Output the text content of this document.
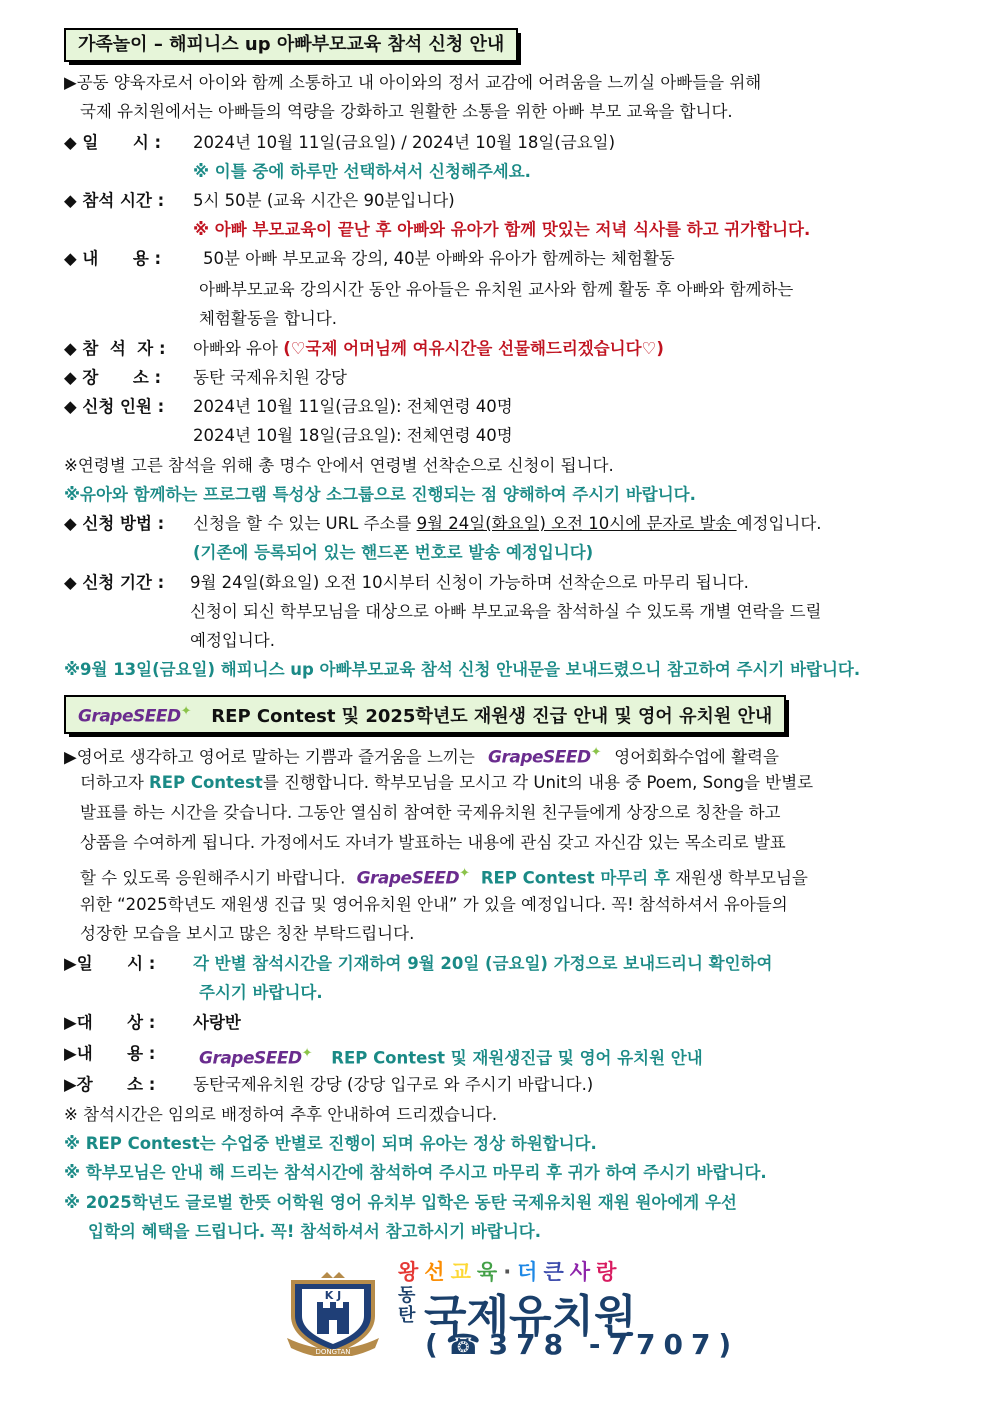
가족놀이 – 해피니스 up 아빠부모교육 참석 신청 안내
▶공동 양육자로서 아이와 함께 소통하고 내 아이와의 정서 교감에 어려움을 느끼실 아빠들을 위해
국제 유치원에서는 아빠들의 역량을 강화하고 원활한 소통을 위한 아빠 부모 교육을 합니다.
◆ 일      시 : 2024년 10월 11일(금요일) / 2024년 10월 18일(금요일)
※ 이틀 중에 하루만 선택하셔서 신청해주세요.
◆ 참석 시간 : 5시 50분 (교육 시간은 90분입니다)
※ 아빠 부모교육이 끝난 후 아빠와 유아가 함께 맛있는 저녁 식사를 하고 귀가합니다.
◆ 내      용 :	50분 아빠 부모교육 강의, 40분 아빠와 유아가 함께하는 체험활동
아빠부모교육 강의시간 동안 유아들은 유치원 교사와 함께 활동 후 아빠와 함께하는
체험활동을 합니다.
◆ 참  석  자 : 아빠와 유아 (♡국제 어머님께 여유시간을 선물해드리겠습니다♡)
◆ 장      소 : 동탄 국제유치원 강당
◆ 신청 인원 : 2024년 10월 11일(금요일): 전체연령 40명
2024년 10월 18일(금요일): 전체연령 40명
※연령별 고른 참석을 위해 총 명수 안에서 연령별 선착순으로 신청이 됩니다.
※유아와 함께하는 프로그램 특성상 소그룹으로 진행되는 점 양해하여 주시기 바랍니다.
◆ 신청 방법 : 신청을 할 수 있는 URL 주소를 9월 24일(화요일) 오전 10시에 문자로 발송 예정입니다.
(기존에 등록되어 있는 핸드폰 번호로 발송 예정입니다)
◆ 신청 기간 : 9월 24일(화요일) 오전 10시부터 신청이 가능하며 선착순으로 마무리 됩니다.
신청이 되신 학부모님을 대상으로 아빠 부모교육을 참석하실 수 있도록 개별 연락을 드릴
예정입니다.
※9월 13일(금요일) 해피니스 up 아빠부모교육 참석 신청 안내문을 보내드렸으니 참고하여 주시기 바랍니다.
GrapeSEED✦ REP Contest 및 2025학년도 재원생 진급 안내 및 영어 유치원 안내
▶영어로 생각하고 영어로 말하는 기쁨과 즐거움을 느끼는 GrapeSEED✦ 영어회화수업에 활력을
더하고자 REP Contest를 진행합니다. 학부모님을 모시고 각 Unit의 내용 중 Poem, Song을 반별로
발표를 하는 시간을 갖습니다. 그동안 열심히 참여한 국제유치원 친구들에게 상장으로 칭찬을 하고
상품을 수여하게 됩니다. 가정에서도 자녀가 발표하는 내용에 관심 갖고 자신감 있는 목소리로 발표
할 수 있도록 응원해주시기 바랍니다. GrapeSEED✦ REP Contest 마무리 후 재원생 학부모님을
위한 “2025학년도 재원생 진급 및 영어유치원 안내” 가 있을 예정입니다. 꼭! 참석하셔서 유아들의
성장한 모습을 보시고 많은 칭찬 부탁드립니다.
▶일      시 : 각 반별 참석시간을 기재하여 9월 20일 (금요일) 가정으로 보내드리니 확인하여
주시기 바랍니다.
▶대      상 : 사랑반
▶내      용 :	GrapeSEED✦ REP Contest 및 재원생진급 및 영어 유치원 안내
▶장      소 : 동탄국제유치원 강당 (강당 입구로 와 주시기 바랍니다.)
※ 참석시간은 임의로 배정하여 추후 안내하여 드리겠습니다.
※ REP Contest는 수업중 반별로 진행이 되며 유아는 정상 하원합니다.
※ 학부모님은 안내 해 드리는 참석시간에 참석하여 주시고 마무리 후 귀가 하여 주시기 바랍니다.
※ 2025학년도 글로벌 한뜻 어학원 영어 유치부 입학은 동탄 국제유치원 재원 원아에게 우선
입학의 혜택을 드립니다. 꼭! 참석하셔서 참고하시기 바랍니다.
DONGTAN
K J
왕선교육·더큰사랑
동탄 국제유치원
(☎378 -7707)
